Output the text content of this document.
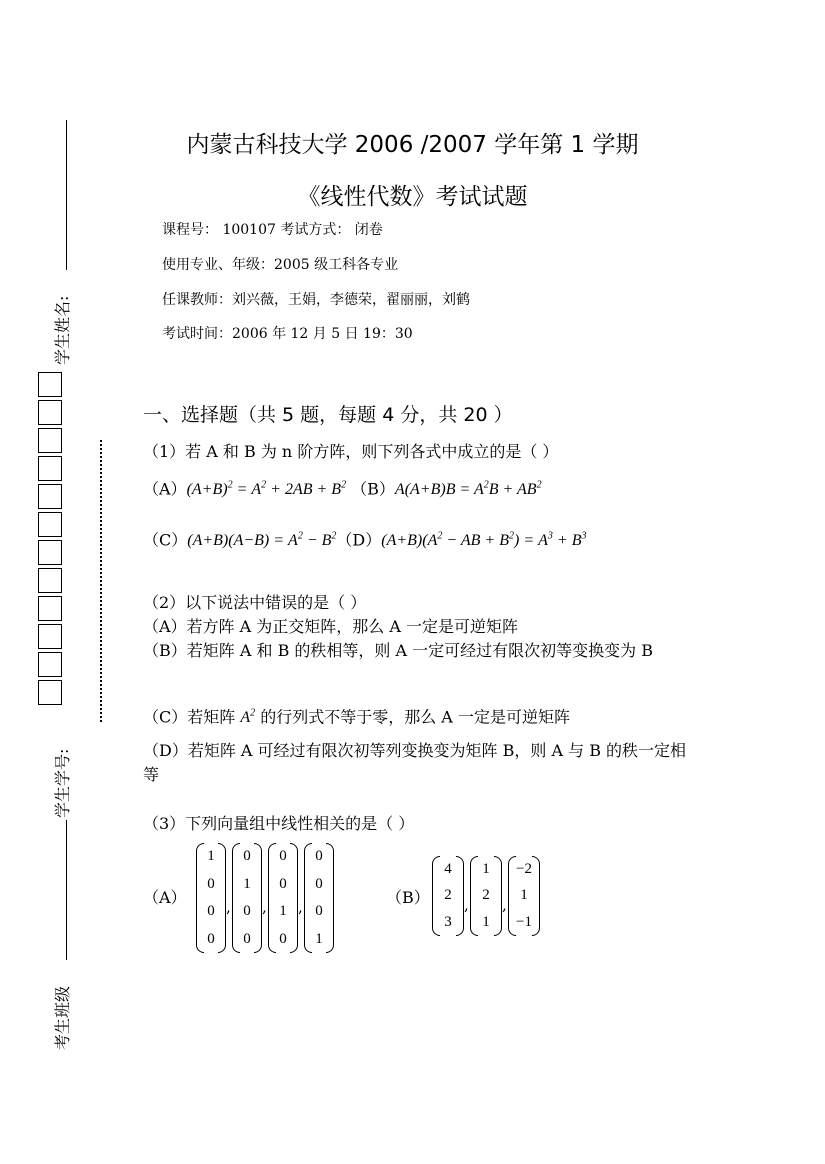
学生姓名:
学生学号:
考生班级
内蒙古科技大学 2006 /2007 学年第 1 学期
《线性代数》考试试题
课程号： 100107 考试方式： 闭卷
使用专业、年级：2005 级工科各专业
任课教师：刘兴薇，王娟，李德荣，翟丽丽，刘鹤
考试时间：2006 年 12 月 5 日 19：30
一、选择题（共 5 题，每题 4 分，共 20 ）
（1）若 A 和 B 为 n 阶方阵，则下列各式中成立的是（ ）
$(A)(A+B)^2 = A^2 + 2AB + B^2$ $(B)A(A+B)B = A^2B + AB^2$
$(C)(A+B)(A-B) = A^2 - B^2(D)(A+B)(A^2$ − AB + $B^2) = A^3 + B^3$
（2）以下说法中错误的是（ ）
（A）若方阵 A 为正交矩阵，那么 A 一定是可逆矩阵
（B）若矩阵 A 和 B 的秩相等，则 A 一定可经过有限次初等变换变为 B
（C）若矩阵 $A^2$ 的行列式不等于零，那么 A 一定是可逆矩阵
（D）若矩阵 A 可经过有限次初等列变换变为矩阵 B，则 A 与 B 的秩一定相等
（3）下列向量组中线性相关的是（ ）
（A）	（B）
1
0
0
0
,
0
1
0
0
,
0
0
1
0
,
0
0
0
1
4
2
3
,
1
2
1
,
−2
1
−1
